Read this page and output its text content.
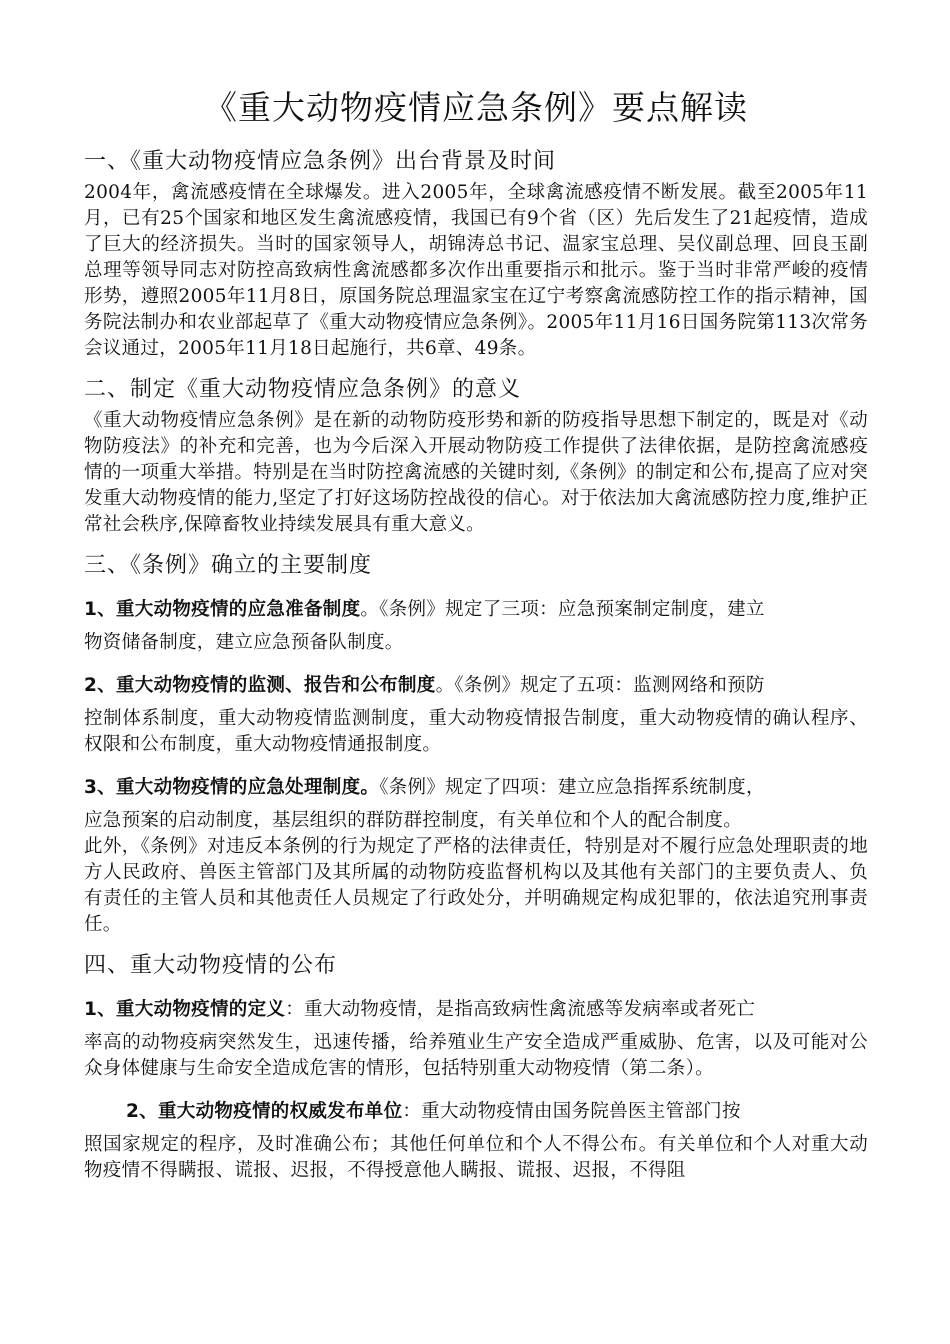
《重大动物疫情应急条例》要点解读
一、《重大动物疫情应急条例》出台背景及时间

2004年，禽流感疫情在全球爆发。进入2005年，全球禽流感疫情不断发展。截至2005年11月，已有25个国家和地区发生禽流感疫情，我国已有9个省（区）先后发生了21起疫情，造成了巨大的经济损失。当时的国家领导人，胡锦涛总书记、温家宝总理、吴仪副总理、回良玉副总理等领导同志对防控高致病性禽流感都多次作出重要指示和批示。鉴于当时非常严峻的疫情形势，遵照2005年11月8日，原国务院总理温家宝在辽宁考察禽流感防控工作的指示精神，国务院法制办和农业部起草了《重大动物疫情应急条例》。2005年11月16日国务院第113次常务会议通过，2005年11月18日起施行，共6章、49条。

二、制定《重大动物疫情应急条例》的意义

《重大动物疫情应急条例》是在新的动物防疫形势和新的防疫指导思想下制定的，既是对《动物防疫法》的补充和完善，也为今后深入开展动物防疫工作提供了法律依据，是防控禽流感疫情的一项重大举措。特别是在当时防控禽流感的关键时刻,《条例》的制定和公布,提高了应对突发重大动物疫情的能力,坚定了打好这场防控战役的信心。对于依法加大禽流感防控力度,维护正常社会秩序,保障畜牧业持续发展具有重大意义。

三、《条例》确立的主要制度

1、重大动物疫情的应急准备制度。《条例》规定了三项：应急预案制定制度，建立
物资储备制度，建立应急预备队制度。

2、重大动物疫情的监测、报告和公布制度。《条例》规定了五项：监测网络和预防
控制体系制度，重大动物疫情监测制度，重大动物疫情报告制度，重大动物疫情的确认程序、权限和公布制度，重大动物疫情通报制度。

3、重大动物疫情的应急处理制度。《条例》规定了四项：建立应急指挥系统制度，
应急预案的启动制度，基层组织的群防群控制度，有关单位和个人的配合制度。

此外，《条例》对违反本条例的行为规定了严格的法律责任，特别是对不履行应急处理职责的地方人民政府、兽医主管部门及其所属的动物防疫监督机构以及其他有关部门的主要负责人、负有责任的主管人员和其他责任人员规定了行政处分，并明确规定构成犯罪的，依法追究刑事责任。

四、重大动物疫情的公布

1、重大动物疫情的定义：重大动物疫情，是指高致病性禽流感等发病率或者死亡
率高的动物疫病突然发生，迅速传播，给养殖业生产安全造成严重威胁、危害，以及可能对公众身体健康与生命安全造成危害的情形，包括特别重大动物疫情（第二条）。

2、重大动物疫情的权威发布单位：重大动物疫情由国务院兽医主管部门按
照国家规定的程序，及时准确公布；其他任何单位和个人不得公布。有关单位和个人对重大动物疫情不得瞒报、谎报、迟报，不得授意他人瞒报、谎报、迟报，不得阻
